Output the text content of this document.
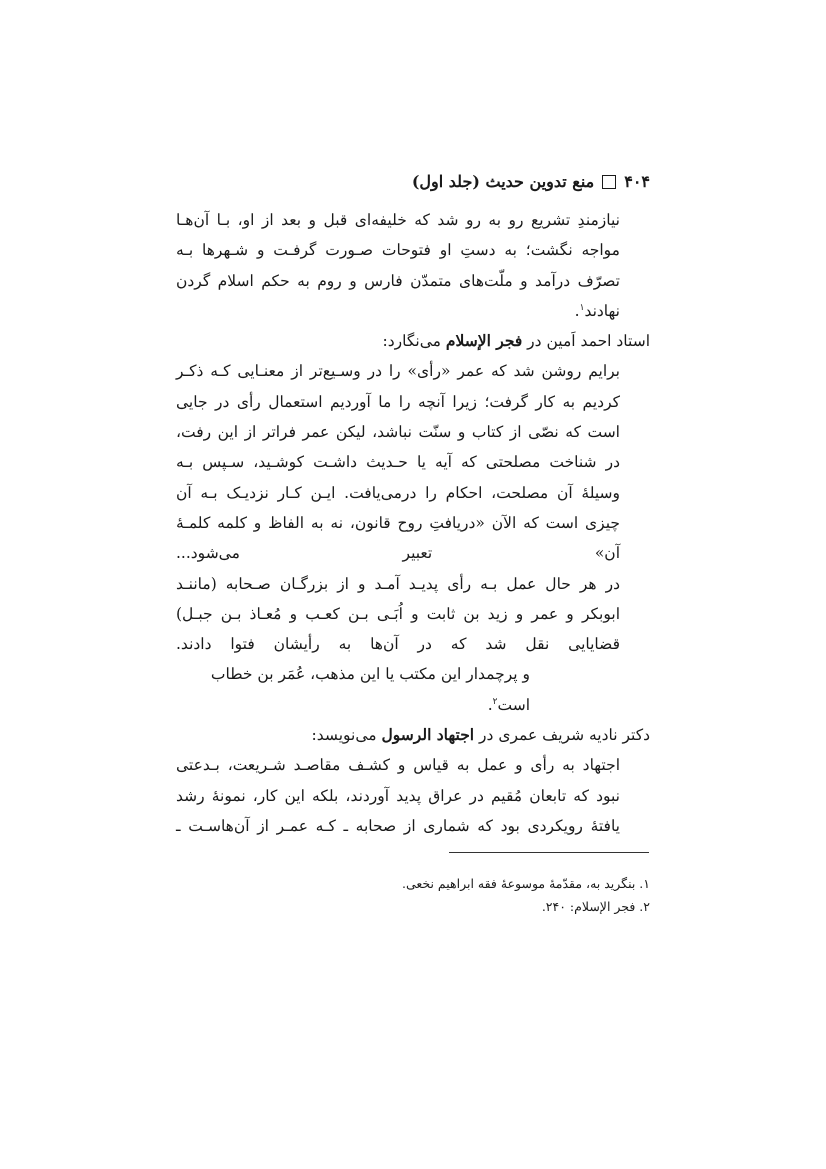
۴۰۴
منع تدوین حدیث (جلد اول)
نیازمندِ تشریع رو به رو شد که خلیفه‌ای قبل و بعد از او، بـا آن‌هـا
مواجه نگشت؛ به دستِ او فتوحات صـورت گرفـت و شـهرها بـه
تصرّف درآمد و ملّت‌های متمدّن فارس و روم به حکم اسلام گردن
نهادند$^۱$.
استاد احمد اَمین در فجر الإسلام می‌نگارد:
برایم روشن شد که عمر «رأی» را در وسـیع‌تر از معنـایی کـه ذکـر
کردیم به کار گرفت؛ زیرا آنچه را ما آوردیم استعمال رأی در جایی
است که نصّی از کتاب و سنّت نباشد، لیکن عمر فراتر از این رفت،
در شناخت مصلحتی که آیه یا حـدیث داشـت کوشـید، سـپس بـه
وسیلهٔ آن مصلحت، احکام را درمی‌یافت. ایـن کـار نزدیـک بـه آن
چیزی است که الآن «دریافتِ روح قانون، نه به الفاظ و کلمه کلمـهٔ
آن» تعبیر می‌شود...
در هر حال عمل بـه رأی پدیـد آمـد و از بزرگـان صـحابه (ماننـد
ابوبکر و عمر و زید بن ثابت و اُبَـی بـن کعـب و مُعـاذ بـن جبـل)
قضایایی نقل شد که در آن‌ها به رأیشان فتوا دادند.
و پرچمدار این مکتب یا این مذهب، عُمَر بن خطاب است$^۲$.
دکتر نادیه شریف عمری در اجتهاد الرسول می‌نویسد:
اجتهاد به رأی و عمل به قیاس و کشـف مقاصـد شـریعت، بـدعتی
نبود که تابعان مُقیم در عراق پدید آوردند، بلکه این کار، نمونهٔ رشد
یافتهٔ رویکردی بود که شماری از صحابه ـ کـه عمـر از آن‌هاسـت ـ
۱. بنگرید به، مقدّمهٔ موسوعهٔ فقه ابراهیم نخعی.
۲. فجر الإسلام: ۲۴۰.
